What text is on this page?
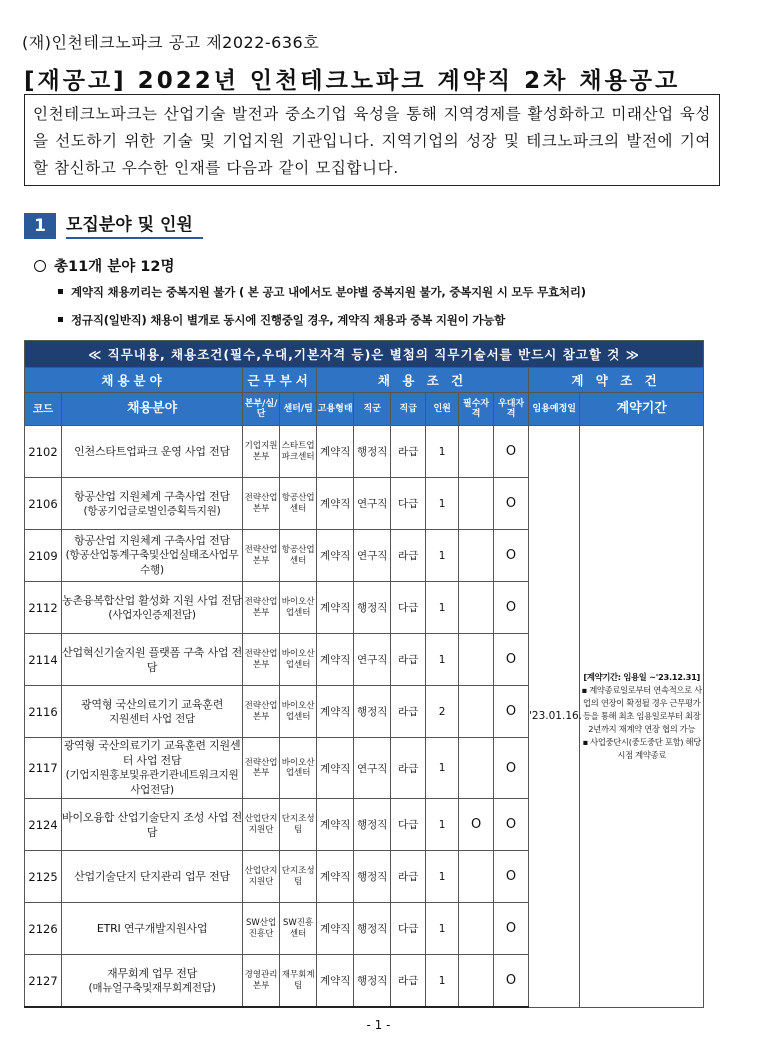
(재)인천테크노파크 공고 제2022-636호
[재공고] 2022년 인천테크노파크 계약직 2차 채용공고
인천테크노파크는 산업기술 발전과 중소기업 육성을 통해 지역경제를 활성화하고 미래산업 육성을 선도하기 위한 기술 및 기업지원 기관입니다. 지역기업의 성장 및 테크노파크의 발전에 기여할 참신하고 우수한 인재를 다음과 같이 모집합니다.
1	모집분야 및 인원
총11개 분야 12명
계약직 채용끼리는 중복지원 불가 ( 본 공고 내에서도 분야별 중복지원 불가, 중복지원 시 모두 무효처리)
정규직(일반직) 채용이 별개로 동시에 진행중일 경우, 계약직 채용과 중복 지원이 가능함
≪ 직무내용, 채용조건(필수,우대,기본자격 등)은 별첨의 직무기술서를 반드시 참고할 것 ≫											
채용분야		근무부서		채 용 조 건						계 약 조 건	
코드	채용분야	본부/실/단	센터/팀	고용형태	직군	직급	인원	필수자격	우대자격	임용예정일	계약기간
2102	인천스타트업파크 운영 사업 전담	기업지원본부	스타트업파크센터	계약직	행정직	라급	1		O	'23.01.16.	[계약기간: 임용일 ~'23.12.31]
▪ 계약종료일로부터 연속적으로 사업의 연장이 확정될 경우 근무평가 등을 통해 최초 임용일로부터 최장 2년까지 재계약 연장 협의 가능
▪ 사업중단시(중도중단 포함) 해당시점 계약종료

2106	항공산업 지원체계 구축사업 전담
(항공기업글로벌인증획득지원)	전략산업본부	항공산업센터	계약직	연구직	다급	1		O		
2109	항공산업 지원체계 구축사업 전담
(항공산업통계구축및산업실태조사업무수행)	전략산업본부	항공산업센터	계약직	연구직	라급	1		O		
2112	농촌융복합산업 활성화 지원 사업 전담
(사업자인증제전담)	전략산업본부	바이오산업센터	계약직	행정직	다급	1		O		
2114	산업혁신기술지원 플랫폼 구축 사업 전담	전략산업본부	바이오산업센터	계약직	연구직	라급	1		O		
2116	광역형 국산의료기기 교육훈련
지원센터 사업 전담	전략산업본부	바이오산업센터	계약직	행정직	라급	2		O		
2117	광역형 국산의료기기 교육훈련 지원센터 사업 전담
(기업지원홍보및유관기관네트워크지원사업전담)	전략산업본부	바이오산업센터	계약직	연구직	라급	1		O		
2124	바이오융합 산업기술단지 조성 사업 전담	산업단지지원단	단지조성팀	계약직	행정직	다급	1	O	O		
2125	산업기술단지 단지관리 업무 전담	산업단지지원단	단지조성팀	계약직	행정직	라급	1		O		
2126	ETRI 연구개발지원사업	SW산업진흥단	SW진흥센터	계약직	행정직	다급	1		O		
2127	재무회계 업무 전담
(매뉴얼구축및재무회계전담)	경영관리본부	재무회계팀	계약직	행정직	라급	1		O		
- 1 -
